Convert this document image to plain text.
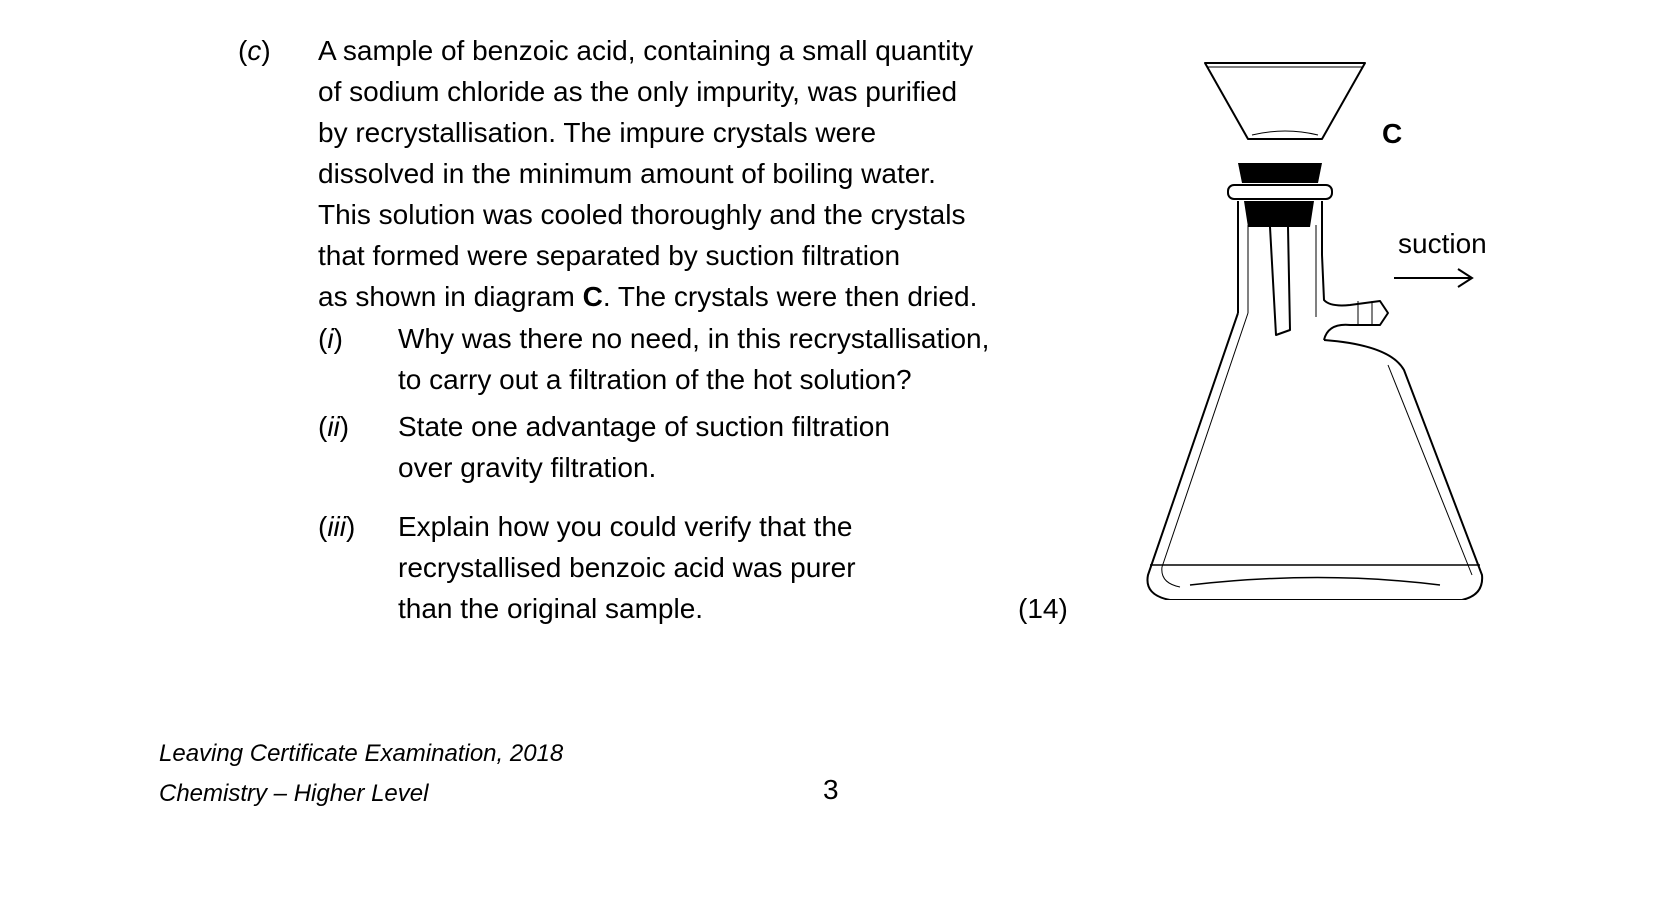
(c) A sample of benzoic acid, containing a small quantity
of sodium chloride as the only impurity, was purified
by recrystallisation. The impure crystals were
dissolved in the minimum amount of boiling water.
This solution was cooled thoroughly and the crystals
that formed were separated by suction filtration
as shown in diagram C. The crystals were then dried.
(i) Why was there no need, in this recrystallisation,
to carry out a filtration of the hot solution?
(ii) State one advantage of suction filtration
over gravity filtration.
(iii) Explain how you could verify that the
recrystallised benzoic acid was purer
than the original sample.	(14)
C
suction
Leaving Certificate Examination, 2018
Chemistry – Higher Level	3
